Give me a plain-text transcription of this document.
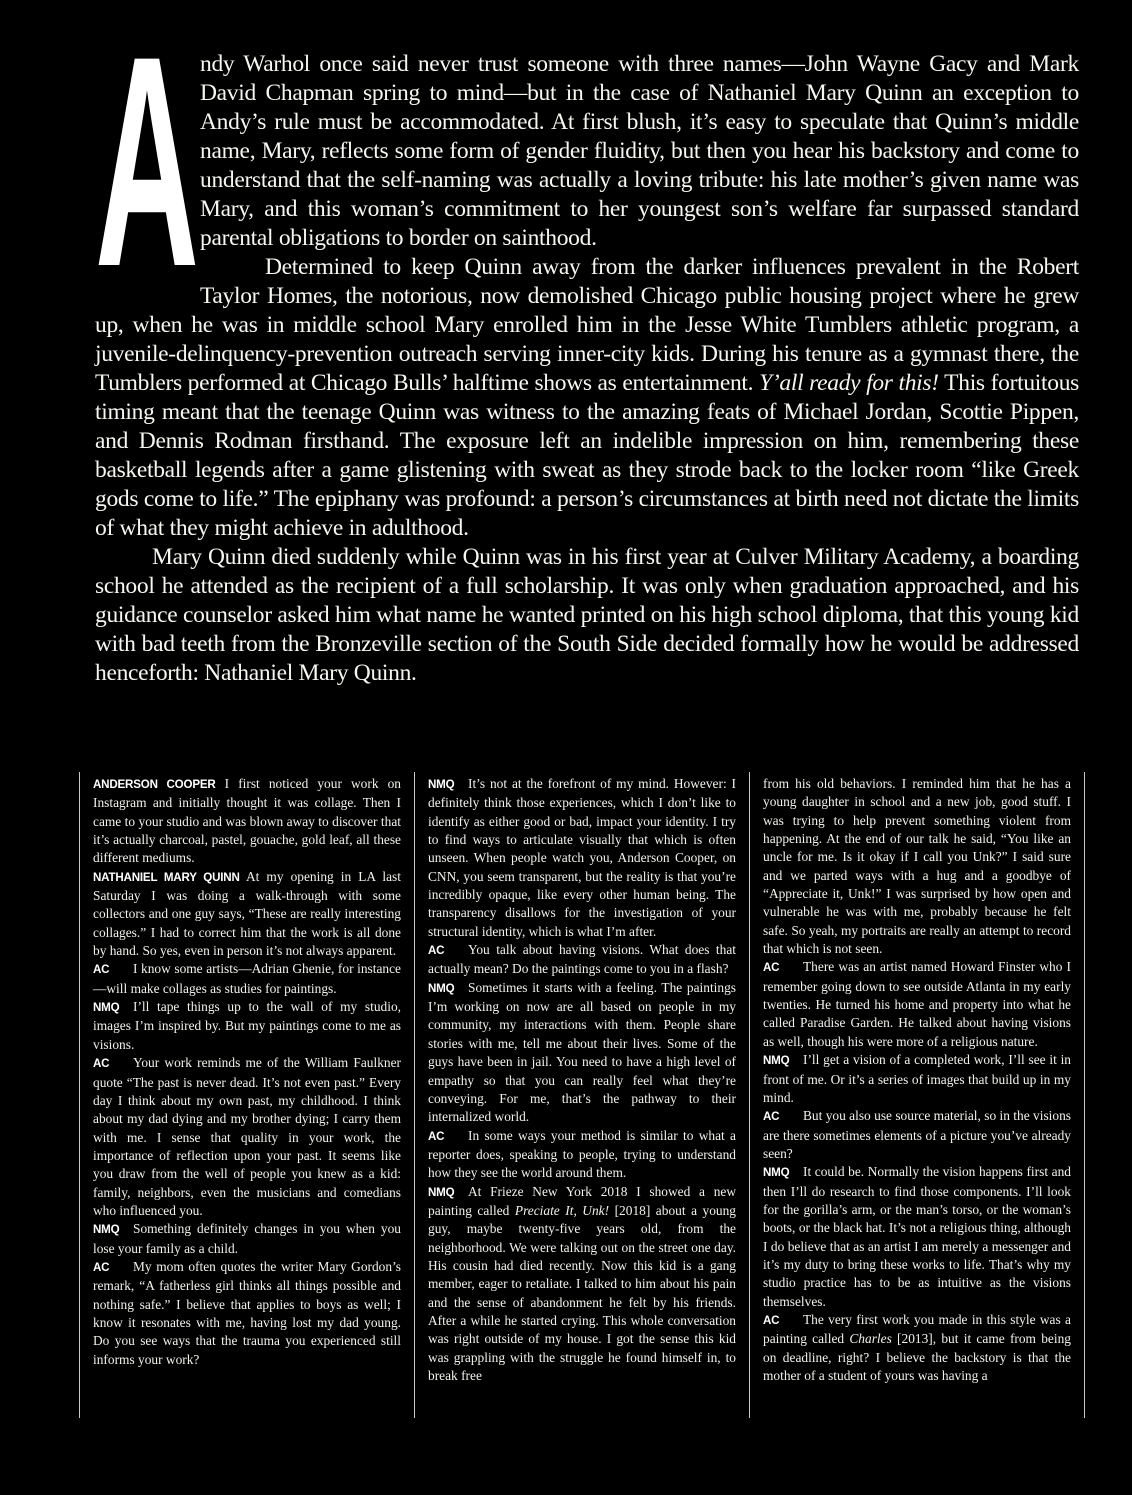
A ndy Warhol once said never trust someone with three names—John Wayne Gacy and Mark David Chapman spring to mind—but in the case of Nathaniel Mary Quinn an exception to Andy’s rule must be accommodated. At first blush, it’s easy to speculate that Quinn’s middle name, Mary, reflects some form of gender fluidity, but then you hear his backstory and come to understand that the self-naming was actually a loving tribute: his late mother’s given name was Mary, and this woman’s commitment to her youngest son’s welfare far surpassed standard parental obligations to border on sainthood.

Determined to keep Quinn away from the darker influences prevalent in the Robert Taylor Homes, the notorious, now demolished Chicago public housing project where he grew up, when he was in middle school Mary enrolled him in the Jesse White Tumblers athletic program, a juvenile-delinquency-prevention outreach serving inner-city kids. During his tenure as a gymnast there, the Tumblers performed at Chicago Bulls’ halftime shows as entertainment. Y’all ready for this! This fortuitous timing meant that the teenage Quinn was witness to the amazing feats of Michael Jordan, Scottie Pippen, and Dennis Rodman firsthand. The exposure left an indelible impression on him, remembering these basketball legends after a game glistening with sweat as they strode back to the locker room “like Greek gods come to life.” The epiphany was profound: a person’s circumstances at birth need not dictate the limits of what they might achieve in adulthood.

Mary Quinn died suddenly while Quinn was in his first year at Culver Military Academy, a boarding school he attended as the recipient of a full scholarship. It was only when graduation approached, and his guidance counselor asked him what name he wanted printed on his high school diploma, that this young kid with bad teeth from the Bronzeville section of the South Side decided formally how he would be addressed henceforth: Nathaniel Mary Quinn.

ANDERSON COOPER I first noticed your work on Instagram and initially thought it was collage. Then I came to your studio and was blown away to discover that it’s actually charcoal, pastel, gouache, gold leaf, all these different mediums.

NATHANIEL MARY QUINN At my opening in LA last Saturday I was doing a walk-through with some collectors and one guy says, “These are really interesting collages.” I had to correct him that the work is all done by hand. So yes, even in person it’s not always apparent.

AC I know some artists—Adrian Ghenie, for instance—will make collages as studies for paintings.

NMQ I’ll tape things up to the wall of my studio, images I’m inspired by. But my paintings come to me as visions.

AC Your work reminds me of the William Faulkner quote “The past is never dead. It’s not even past.” Every day I think about my own past, my childhood. I think about my dad dying and my brother dying; I carry them with me. I sense that quality in your work, the importance of reflection upon your past. It seems like you draw from the well of people you knew as a kid: family, neighbors, even the musicians and comedians who influenced you.

NMQ Something definitely changes in you when you lose your family as a child.

AC My mom often quotes the writer Mary Gordon’s remark, “A fatherless girl thinks all things possible and nothing safe.” I believe that applies to boys as well; I know it resonates with me, having lost my dad young. Do you see ways that the trauma you experienced still informs your work?

NMQ It’s not at the forefront of my mind. However: I definitely think those experiences, which I don’t like to identify as either good or bad, impact your identity. I try to find ways to articulate visually that which is often unseen. When people watch you, Anderson Cooper, on CNN, you seem transparent, but the reality is that you’re incredibly opaque, like every other human being. The transparency disallows for the investigation of your structural identity, which is what I’m after.

AC You talk about having visions. What does that actually mean? Do the paintings come to you in a flash?

NMQ Sometimes it starts with a feeling. The paintings I’m working on now are all based on people in my community, my interactions with them. People share stories with me, tell me about their lives. Some of the guys have been in jail. You need to have a high level of empathy so that you can really feel what they’re conveying. For me, that’s the pathway to their internalized world.

AC In some ways your method is similar to what a reporter does, speaking to people, trying to understand how they see the world around them.

NMQ At Frieze New York 2018 I showed a new painting called Preciate It, Unk! [2018] about a young guy, maybe twenty-five years old, from the neighborhood. We were talking out on the street one day. His cousin had died recently. Now this kid is a gang member, eager to retaliate. I talked to him about his pain and the sense of abandonment he felt by his friends. After a while he started crying. This whole conversation was right outside of my house. I got the sense this kid was grappling with the struggle he found himself in, to break free

from his old behaviors. I reminded him that he has a young daughter in school and a new job, good stuff. I was trying to help prevent something violent from happening. At the end of our talk he said, “You like an uncle for me. Is it okay if I call you Unk?” I said sure and we parted ways with a hug and a goodbye of “Appreciate it, Unk!” I was surprised by how open and vulnerable he was with me, probably because he felt safe. So yeah, my portraits are really an attempt to record that which is not seen.

AC There was an artist named Howard Finster who I remember going down to see outside Atlanta in my early twenties. He turned his home and property into what he called Paradise Garden. He talked about having visions as well, though his were more of a religious nature.

NMQ I’ll get a vision of a completed work, I’ll see it in front of me. Or it’s a series of images that build up in my mind.

AC But you also use source material, so in the visions are there sometimes elements of a picture you’ve already seen?

NMQ It could be. Normally the vision happens first and then I’ll do research to find those components. I’ll look for the gorilla’s arm, or the man’s torso, or the woman’s boots, or the black hat. It’s not a religious thing, although I do believe that as an artist I am merely a messenger and it’s my duty to bring these works to life. That’s why my studio practice has to be as intuitive as the visions themselves.

AC The very first work you made in this style was a painting called Charles [2013], but it came from being on deadline, right? I believe the backstory is that the mother of a student of yours was having a
